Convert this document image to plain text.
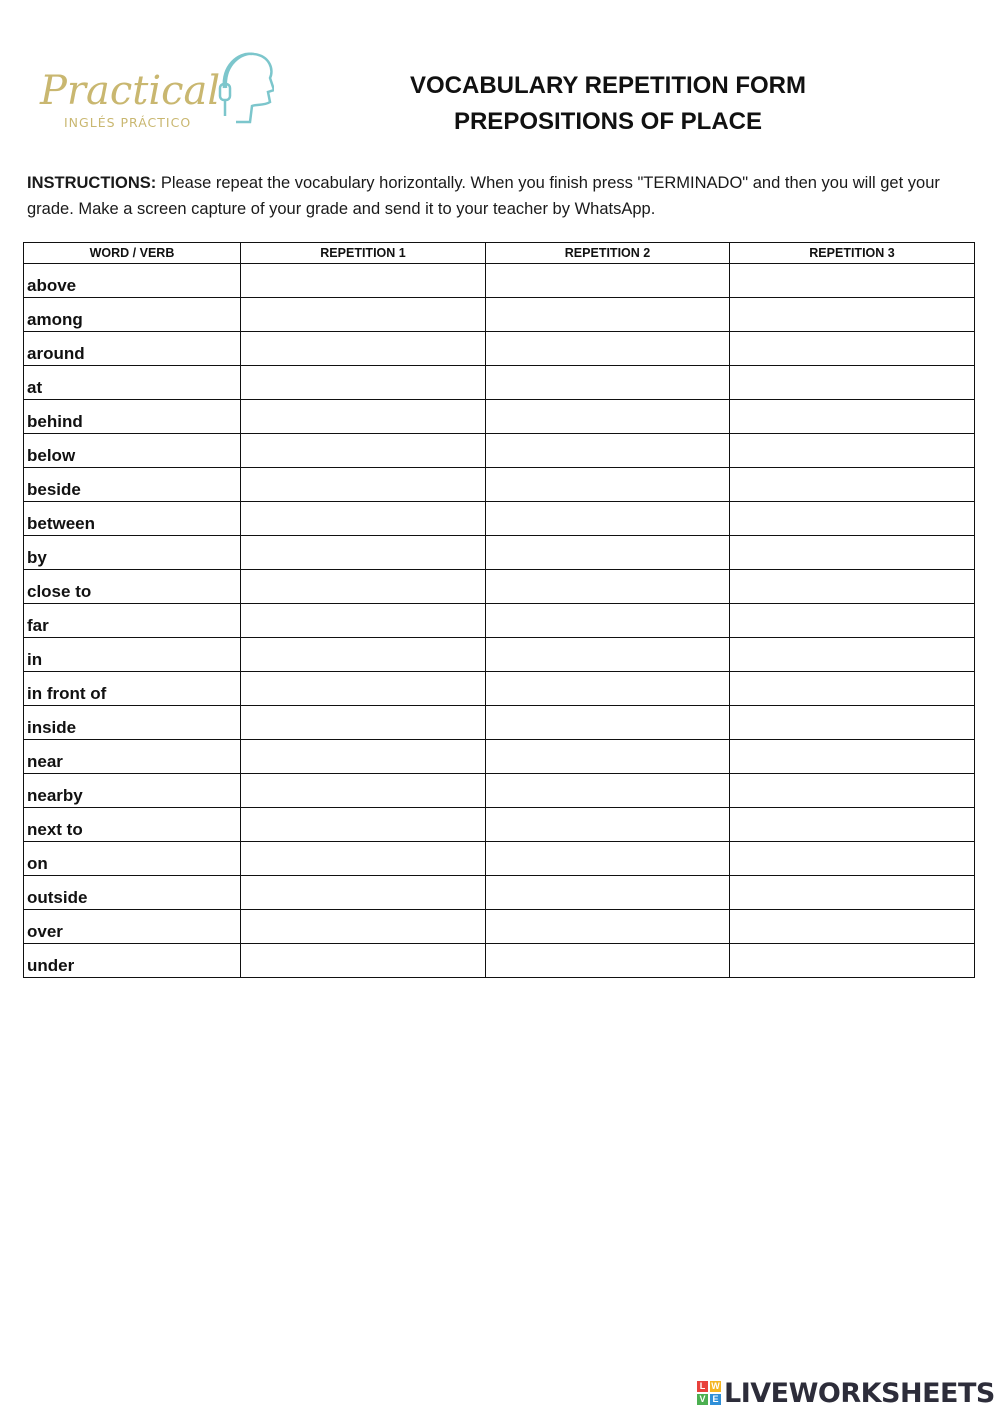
Practical
INGLÉS PRÁCTICO
VOCABULARY REPETITION FORM
PREPOSITIONS OF PLACE
INSTRUCTIONS: Please repeat the vocabulary horizontally. When you finish press "TERMINADO" and then you will get your grade. Make a screen capture of your grade and send it to your teacher by WhatsApp.
WORD / VERB	REPETITION 1	REPETITION 2	REPETITION 3
above			
among			
around			
at			
behind			
below			
beside			
between			
by			
close to			
far			
in			
in front of			
inside			
near			
nearby			
next to			
on			
outside			
over			
under			
L W
V E LIVEWORKSHEETS
